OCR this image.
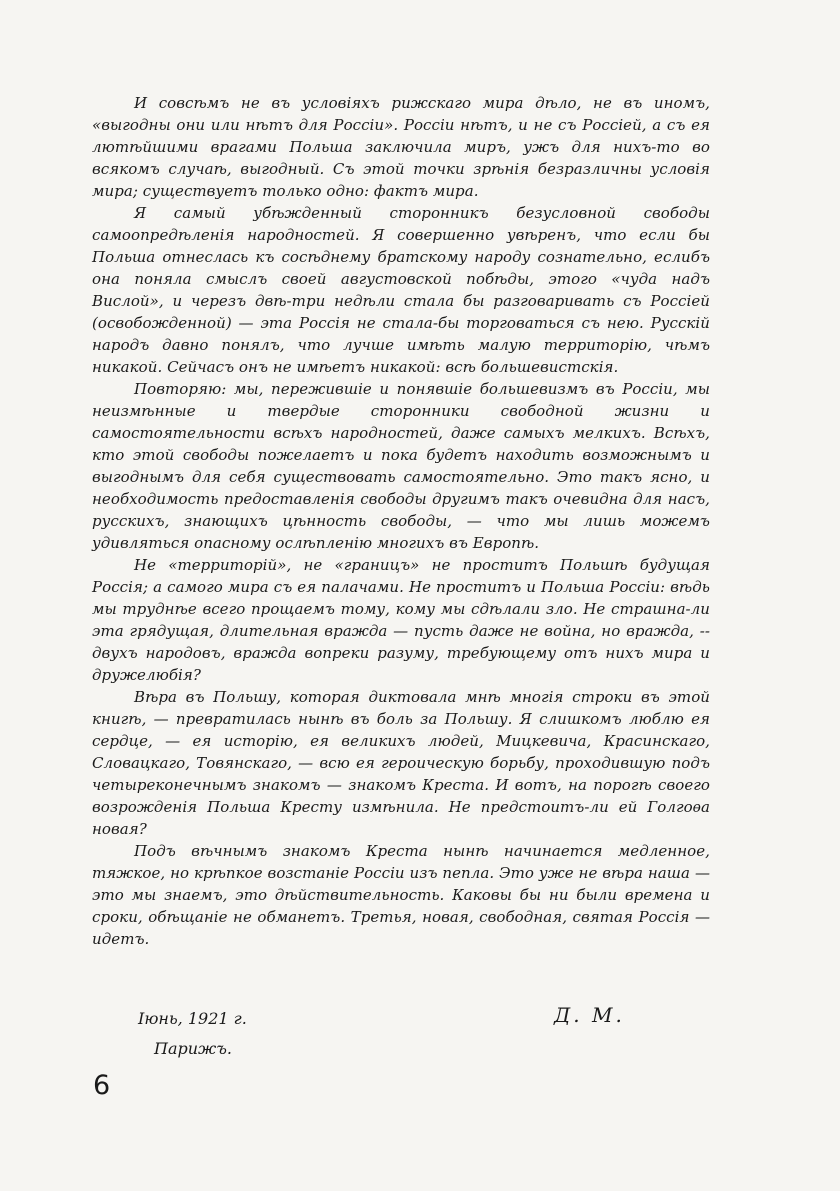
И совсѣмъ не въ условіяхъ рижскаго мира дѣло, не въ иномъ, «выгодны они или нѣтъ для Россіи». Россіи нѣтъ, и не съ Россіей, а съ ея лютѣйшими врагами Польша заключила миръ, ужъ для нихъ-то во всякомъ случаѣ, выгодный. Съ этой точки зрѣнія безразличны условія мира; существуетъ только одно: фактъ мира.

Я самый убѣжденный сторонникъ безусловной свободы самоопредѣленія народностей. Я совершенно увѣренъ, что если бы Польша отнеслась къ сосѣднему братскому народу сознательно, еслибъ она поняла смыслъ своей августовской побѣды, этого «чуда надъ Вислой», и черезъ двѣ-три недѣли стала бы разговаривать съ Россіей (освобожденной) — эта Россія не стала-бы торговаться съ нею. Русскій народъ давно понялъ, что лучше имѣть малую территорію, чѣмъ никакой. Сейчасъ онъ не имѣетъ никакой: всѣ большевистскія.

Повторяю: мы, пережившіе и понявшіе большевизмъ въ Россіи, мы неизмѣнные и твердые сторонники свободной жизни и самостоятельности всѣхъ народностей, даже самыхъ мелкихъ. Всѣхъ, кто этой свободы пожелаетъ и пока будетъ находить возможнымъ и выгоднымъ для себя существовать самостоятельно. Это такъ ясно, и необходимость предоставленія свободы другимъ такъ очевидна для насъ, русскихъ, знающихъ цѣнность свободы, — что мы лишь можемъ удивляться опасному ослѣпленію многихъ въ Европѣ.

Не «территорій», не «границъ» не проститъ Польшѣ будущая Россія; а самого мира съ ея палачами. Не проститъ и Польша Россіи: вѣдь мы труднѣе всего прощаемъ тому, кому мы сдѣлали зло. Не страшна-ли эта грядущая, длительная вражда — пусть даже не война, но вражда, -- двухъ народовъ, вражда вопреки разуму, требующему отъ нихъ мира и дружелюбія?

Вѣра въ Польшу, которая диктовала мнѣ многія строки въ этой книгѣ, — превратилась нынѣ въ боль за Польшу. Я слишкомъ люблю ея сердце, — ея исторію, ея великихъ людей, Мицкевича, Красинскаго, Словацкаго, Товянскаго, — всю ея героическую борьбу, проходившую подъ четыреконечнымъ знакомъ — знакомъ Креста. И вотъ, на порогѣ своего возрожденія Польша Кресту измѣнила. Не предстоитъ-ли ей Голгоѳа новая?

Подъ вѣчнымъ знакомъ Креста нынѣ начинается медленное, тяжкое, но крѣпкое возстаніе Россіи изъ пепла. Это уже не вѣра наша — это мы знаемъ, это дѣйствительность. Каковы бы ни были времена и сроки, обѣщаніе не обманетъ. Третья, новая, свободная, святая Россія — идетъ.

Іюнь, 1921 г.
Парижъ.
Д. М.
6
